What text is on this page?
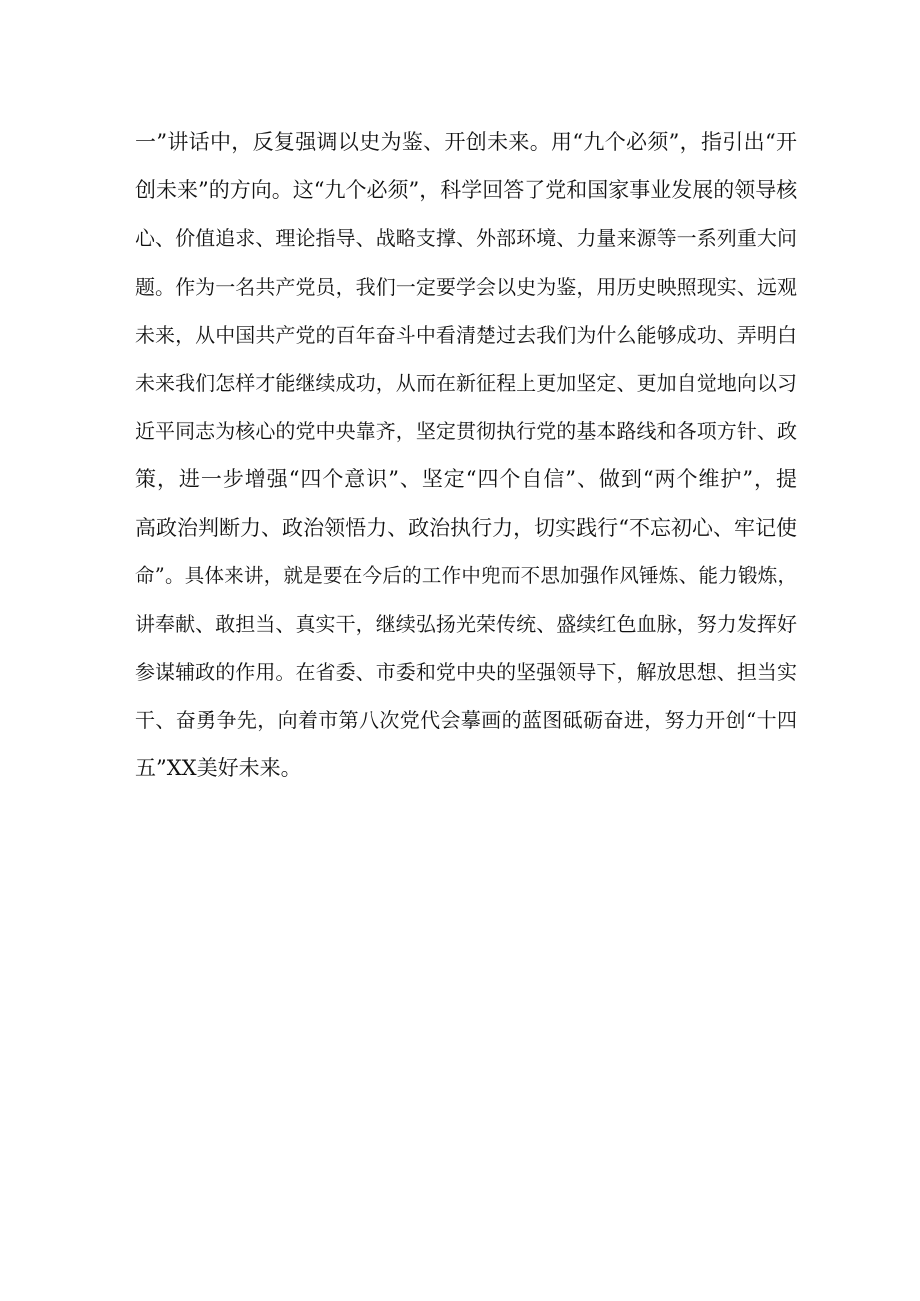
一”讲话中，反复强调以史为鉴、开创未来。用“九个必须”，指引出“开
创未来”的方向。这“九个必须”，科学回答了党和国家事业发展的领导核
心、价值追求、理论指导、战略支撑、外部环境、力量来源等一系列重大问
题。作为一名共产党员，我们一定要学会以史为鉴，用历史映照现实、远观
未来，从中国共产党的百年奋斗中看清楚过去我们为什么能够成功、弄明白
未来我们怎样才能继续成功，从而在新征程上更加坚定、更加自觉地向以习
近平同志为核心的党中央靠齐，坚定贯彻执行党的基本路线和各项方针、政
策，进一步增强“四个意识”、坚定“四个自信”、做到“两个维护”，提
高政治判断力、政治领悟力、政治执行力，切实践行“不忘初心、牢记使
命”。具体来讲，就是要在今后的工作中兜而不思加强作风锤炼、能力锻炼，
讲奉献、敢担当、真实干，继续弘扬光荣传统、盛续红色血脉，努力发挥好
参谋辅政的作用。在省委、市委和党中央的坚强领导下，解放思想、担当实
干、奋勇争先，向着市第八次党代会摹画的蓝图砥砺奋进，努力开创“十四
五”XX美好未来。
